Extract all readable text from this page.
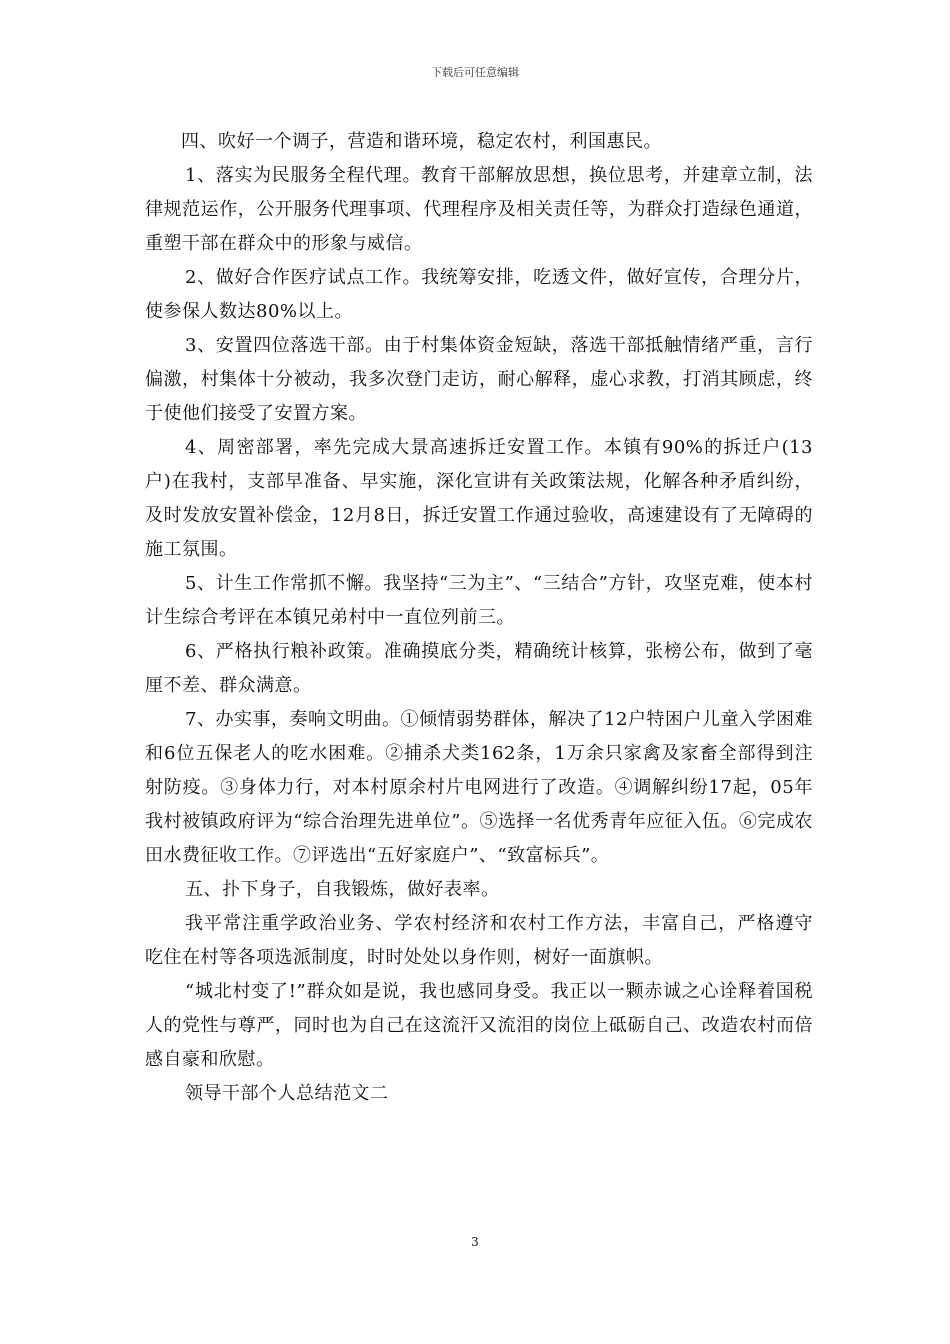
下载后可任意编辑

四、吹好一个调子，营造和谐环境，稳定农村，利国惠民。

1、落实为民服务全程代理。教育干部解放思想，换位思考，并建章立制，法律规范运作，公开服务代理事项、代理程序及相关责任等，为群众打造绿色通道，重塑干部在群众中的形象与威信。

2、做好合作医疗试点工作。我统筹安排，吃透文件，做好宣传，合理分片，使参保人数达80%以上。

3、安置四位落选干部。由于村集体资金短缺，落选干部抵触情绪严重，言行偏激，村集体十分被动，我多次登门走访，耐心解释，虚心求教，打消其顾虑，终于使他们接受了安置方案。

4、周密部署，率先完成大景高速拆迁安置工作。本镇有90%的拆迁户(13户)在我村，支部早准备、早实施，深化宣讲有关政策法规，化解各种矛盾纠纷，及时发放安置补偿金，12月8日，拆迁安置工作通过验收，高速建设有了无障碍的施工氛围。

5、计生工作常抓不懈。我坚持“三为主”、“三结合”方针，攻坚克难，使本村计生综合考评在本镇兄弟村中一直位列前三。

6、严格执行粮补政策。准确摸底分类，精确统计核算，张榜公布，做到了毫厘不差、群众满意。

7、办实事，奏响文明曲。①倾情弱势群体，解决了12户特困户儿童入学困难和6位五保老人的吃水困难。②捕杀犬类162条，1万余只家禽及家畜全部得到注射防疫。③身体力行，对本村原余村片电网进行了改造。④调解纠纷17起，05年我村被镇政府评为“综合治理先进单位”。⑤选择一名优秀青年应征入伍。⑥完成农田水费征收工作。⑦评选出“五好家庭户”、“致富标兵”。

五、扑下身子，自我锻炼，做好表率。

我平常注重学政治业务、学农村经济和农村工作方法，丰富自己，严格遵守吃住在村等各项选派制度，时时处处以身作则，树好一面旗帜。

“城北村变了!”群众如是说，我也感同身受。我正以一颗赤诚之心诠释着国税人的党性与尊严，同时也为自己在这流汗又流泪的岗位上砥砺自己、改造农村而倍感自豪和欣慰。

领导干部个人总结范文二

3
